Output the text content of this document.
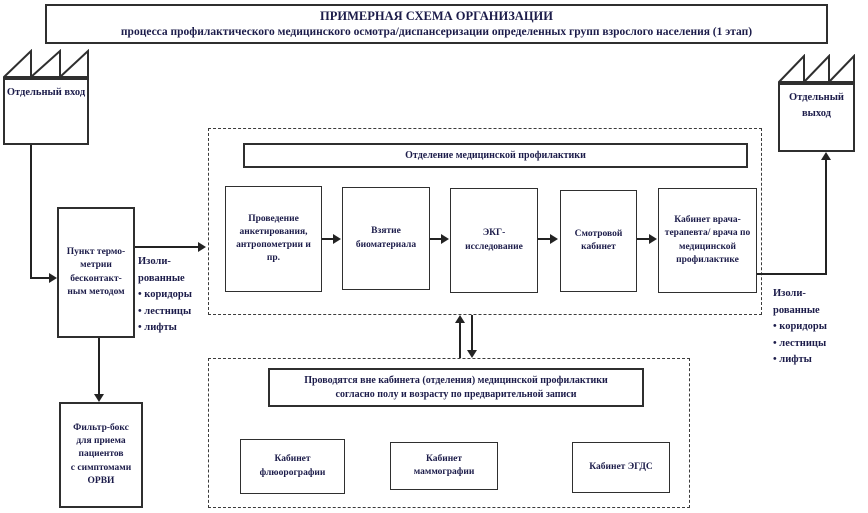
ПРИМЕРНАЯ СХЕМА ОРГАНИЗАЦИИ
процесса профилактического медицинского осмотра/диспансеризации определенных групп взрослого населения (1 этап)
Отдельный вход	Отдельный выход
Пункт термо- метрии бесконтакт- ным методом
Изоли-
рованные
• коридоры
• лестницы
• лифты
Фильтр-бокс для приема пациентов с симптомами ОРВИ
Отделение медицинской профилактики
Проведение анкетирования, антропометрии и пр.
Взятие биоматериала
ЭКГ-исследование
Смотровой кабинет
Кабинет врача-терапевта/ врача по медицинской профилактике
Изоли-
рованные
• коридоры
• лестницы
• лифты
Проводятся вне кабинета (отделения) медицинской профилактики
согласно полу и возрасту по предварительной записи
Кабинет флюорографии
Кабинет маммографии
Кабинет ЭГДС
